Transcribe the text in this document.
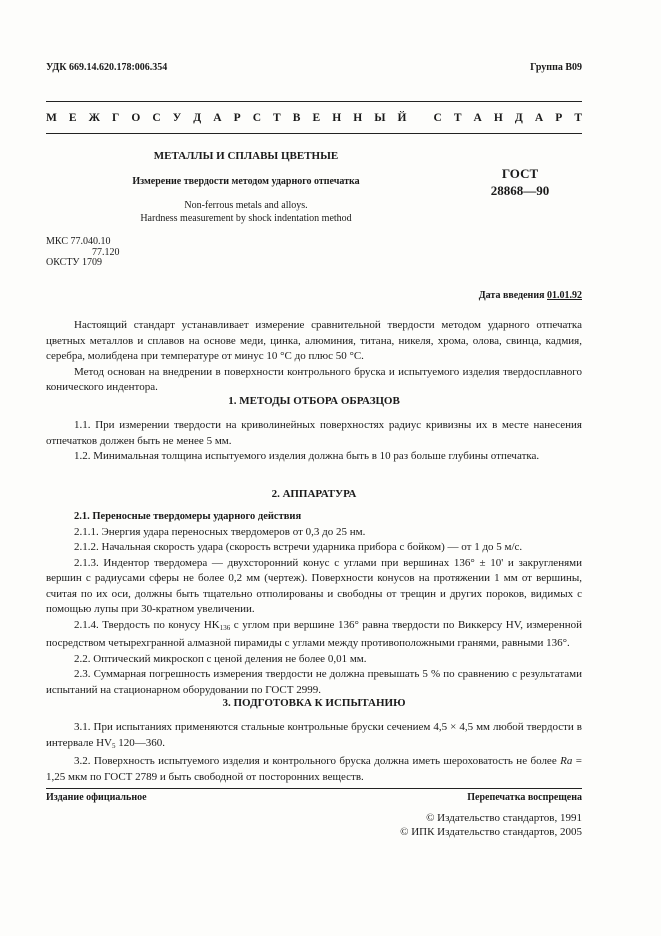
УДК 669.14.620.178:006.354	Группа В09
М Е Ж Г О С У Д А Р С Т В Е Н Н Ы Й
С Т А Н Д А Р Т
МЕТАЛЛЫ И СПЛАВЫ ЦВЕТНЫЕ
Измерение твердости методом ударного отпечатка
Non-ferrous metals and alloys.
Hardness measurement by shock indentation method
ГОСТ
28868—90
МКС 77.040.10
77.120
ОКСТУ 1709
Дата введения 01.01.92

Настоящий стандарт устанавливает измерение сравнительной твердости методом ударного отпечатка цветных металлов и сплавов на основе меди, цинка, алюминия, титана, никеля, хрома, олова, свинца, кадмия, серебра, молибдена при температуре от минус 10 °С до плюс 50 °С.

Метод основан на внедрении в поверхности контрольного бруска и испытуемого изделия твердосплавного конического индентора.

1. МЕТОДЫ ОТБОРА ОБРАЗЦОВ

1.1. При измерении твердости на криволинейных поверхностях радиус кривизны их в месте нанесения отпечатков должен быть не менее 5 мм.

1.2. Минимальная толщина испытуемого изделия должна быть в 10 раз больше глубины отпечатка.

2. АППАРАТУРА

2.1. Переносные твердомеры ударного действия

2.1.1. Энергия удара переносных твердомеров от 0,3 до 25 нм.

2.1.2. Начальная скорость удара (скорость встречи ударника прибора с бойком) — от 1 до 5 м/с.

2.1.3. Индентор твердомера — двухсторонний конус с углами при вершинах 136° ± 10' и закругленями вершин с радиусами сферы не более 0,2 мм (чертеж). Поверхности конусов на протяжении 1 мм от вершины, считая по их оси, должны быть тщательно отполированы и свободны от трещин и других пороков, видимых с помощью лупы при 30-кратном увеличении.

2.1.4. Твердость по конусу $HK_{136}$ с углом при вершине 136° равна твердости по Виккерсу HV, измеренной посредством четырехгранной алмазной пирамиды с углами между противоположными гранями, равными 136°.

2.2. Оптический микроскоп с ценой деления не более 0,01 мм.

2.3. Суммарная погрешность измерения твердости не должна превышать 5 % по сравнению с результатами испытаний на стационарном оборудовании по ГОСТ 2999.

3. ПОДГОТОВКА К ИСПЫТАНИЮ

3.1. При испытаниях применяются стальные контрольные бруски сечением 4,5 × 4,5 мм любой твердости в интервале $HV_5$ 120—360.

3.2. Поверхность испытуемого изделия и контрольного бруска должна иметь шероховатость не более Ra = 1,25 мкм по ГОСТ 2789 и быть свободной от посторонних веществ.

Издание официальное	Перепечатка воспрещена
© Издательство стандартов, 1991
© ИПК Издательство стандартов, 2005
